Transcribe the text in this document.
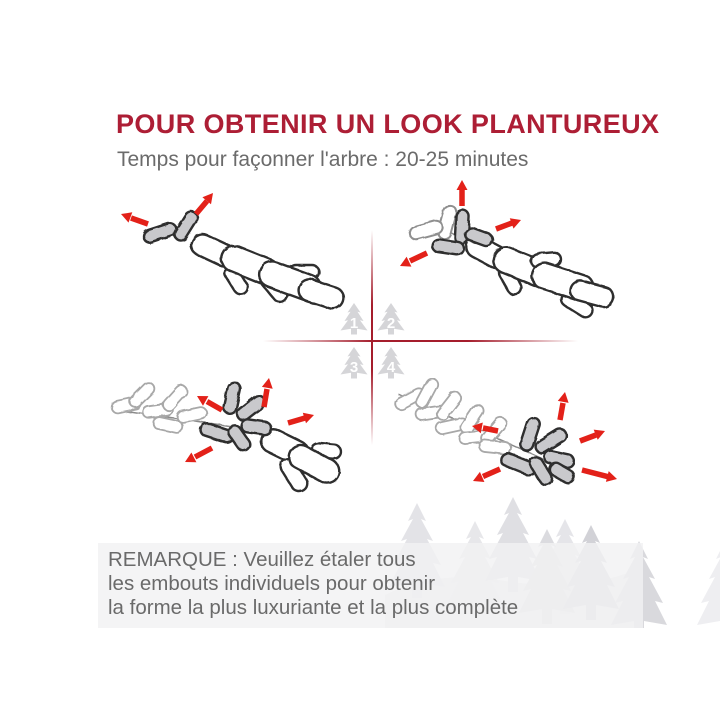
POUR OBTENIR UN LOOK PLANTUREUX
Temps pour façonner l'arbre : 20-25 minutes
1 2
3 4
REMARQUE : Veuillez étaler tous
les embouts individuels pour obtenir
la forme la plus luxuriante et la plus complète
